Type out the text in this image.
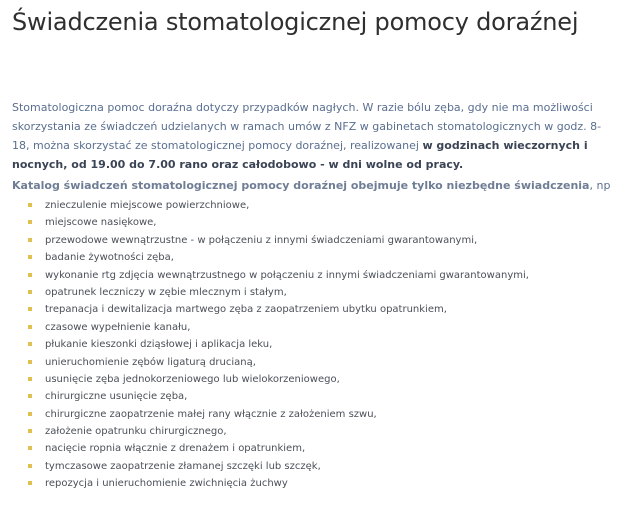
Świadczenia stomatologicznej pomocy doraźnej
Stomatologiczna pomoc doraźna dotyczy przypadków nagłych. W razie bólu zęba, gdy nie ma możliwości skorzystania ze świadczeń udzielanych w ramach umów z NFZ w gabinetach stomatologicznych w godz. 8-18, można skorzystać ze stomatologicznej pomocy doraźnej, realizowanej w godzinach wieczornych i nocnych, od 19.00 do 7.00 rano oraz całodobowo - w dni wolne od pracy.
Katalog świadczeń stomatologicznej pomocy doraźnej obejmuje tylko niezbędne świadczenia, np
znieczulenie miejscowe powierzchniowe,
miejscowe nasiękowe,
przewodowe wewnątrzustne - w połączeniu z innymi świadczeniami gwarantowanymi,
badanie żywotności zęba,
wykonanie rtg zdjęcia wewnątrzustnego w połączeniu z innymi świadczeniami gwarantowanymi,
opatrunek leczniczy w zębie mlecznym i stałym,
trepanacja i dewitalizacja martwego zęba z zaopatrzeniem ubytku opatrunkiem,
czasowe wypełnienie kanału,
płukanie kieszonki dziąsłowej i aplikacja leku,
unieruchomienie zębów ligaturą drucianą,
usunięcie zęba jednokorzeniowego lub wielokorzeniowego,
chirurgiczne usunięcie zęba,
chirurgiczne zaopatrzenie małej rany włącznie z założeniem szwu,
założenie opatrunku chirurgicznego,
nacięcie ropnia włącznie z drenażem i opatrunkiem,
tymczasowe zaopatrzenie złamanej szczęki lub szczęk,
repozycja i unieruchomienie zwichnięcia żuchwy
